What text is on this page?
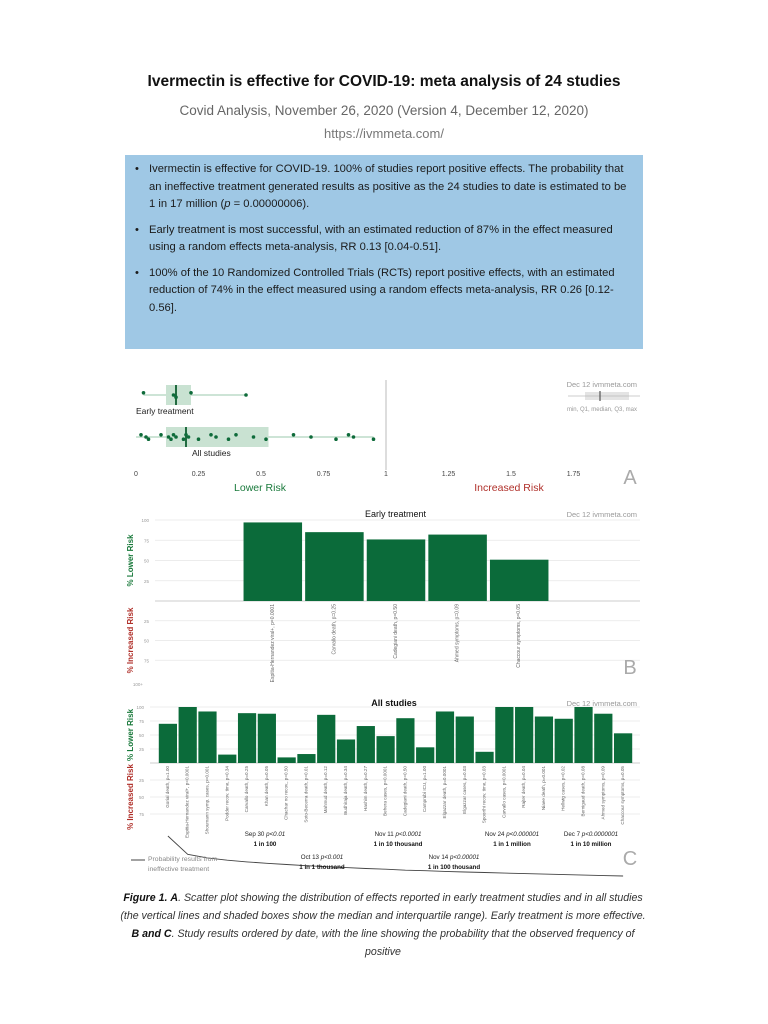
Ivermectin is effective for COVID-19: meta analysis of 24 studies
Covid Analysis, November 26, 2020 (Version 4, December 12, 2020)
https://ivmmeta.com/
• Ivermectin is effective for COVID-19. 100% of studies report positive effects. The probability that an ineffective treatment generated results as positive as the 24 studies to date is estimated to be 1 in 17 million (p = 0.00000006).
• Early treatment is most successful, with an estimated reduction of 87% in the effect measured using a random effects meta-analysis, RR 0.13 [0.04-0.51].
• 100% of the 10 Randomized Controlled Trials (RCTs) report positive effects, with an estimated reduction of 74% in the effect measured using a random effects meta-analysis, RR 0.26 [0.12-0.56].
Dec 12 ivmmeta.com
min, Q1, median, Q3, max
Early treatment
All studies
0	0.25	0.5	0.75	1	1.25	1.5	1.75
Lower Risk	Increased Risk	A
100
75
50
25
25
50
75
% Lower Risk
% Increased Risk	Espitia-Hernandez viral+, p=0.0001	Carvallo death, p=0.25	Cadegiani death, p=0.50	Ahmed symptoms, p=0.09	Chaccour symptoms, p=0.05
Early treatment	Dec 12 ivmmeta.com
100+
B
100
75
50
25
25
50
75
% Lower Risk
% Increased Risk	Gorial death, p=1.00	Espitia-Hernandez viral+, p<0.0001	Shoumann symp. cases, p=0.001	Podder recov. time, p=0.34	Carvallo death, p=0.25	Khan death, p=0.05	Chachar no recov., p=0.50	Soto-Becerra death, p=0.01	Mahmud death, p=0.12	Budhiraja death, p=0.34	Hashim death, p=0.27	Behera cases, p=0.0001	Cadegiani death, p=0.50	Camprubí ICU, p=1.00	Elgazzar death, p=0.0001	Elgazzar cases, p=0.03	Spoorthi recov. time, p=0.03	Carvallo cases, p<0.0001	Rajter death, p=0.04	Niaee death, p=0.001	Hellwig cases, p=0.02	Bernigaud death, p=0.08	Ahmed symptoms, p=0.09	Chaccour symptoms, p=0.05
All studies	Dec 12 ivmmeta.com
Sep 30 p<0.01
1 in 100
Oct 13 p<0.001
1 in 1 thousand
Nov 11 p<0.0001
1 in 10 thousand
Nov 14 p<0.00001
1 in 100 thousand
Nov 24 p<0.000001
1 in 1 million
Dec 7 p<0.0000001
1 in 10 million
Probability results from
ineffective treatment	C
Figure 1. A. Scatter plot showing the distribution of effects reported in early treatment studies and in all studies (the vertical lines and shaded boxes show the median and interquartile range). Early treatment is more effective. B and C. Study results ordered by date, with the line showing the probability that the observed frequency of positive
